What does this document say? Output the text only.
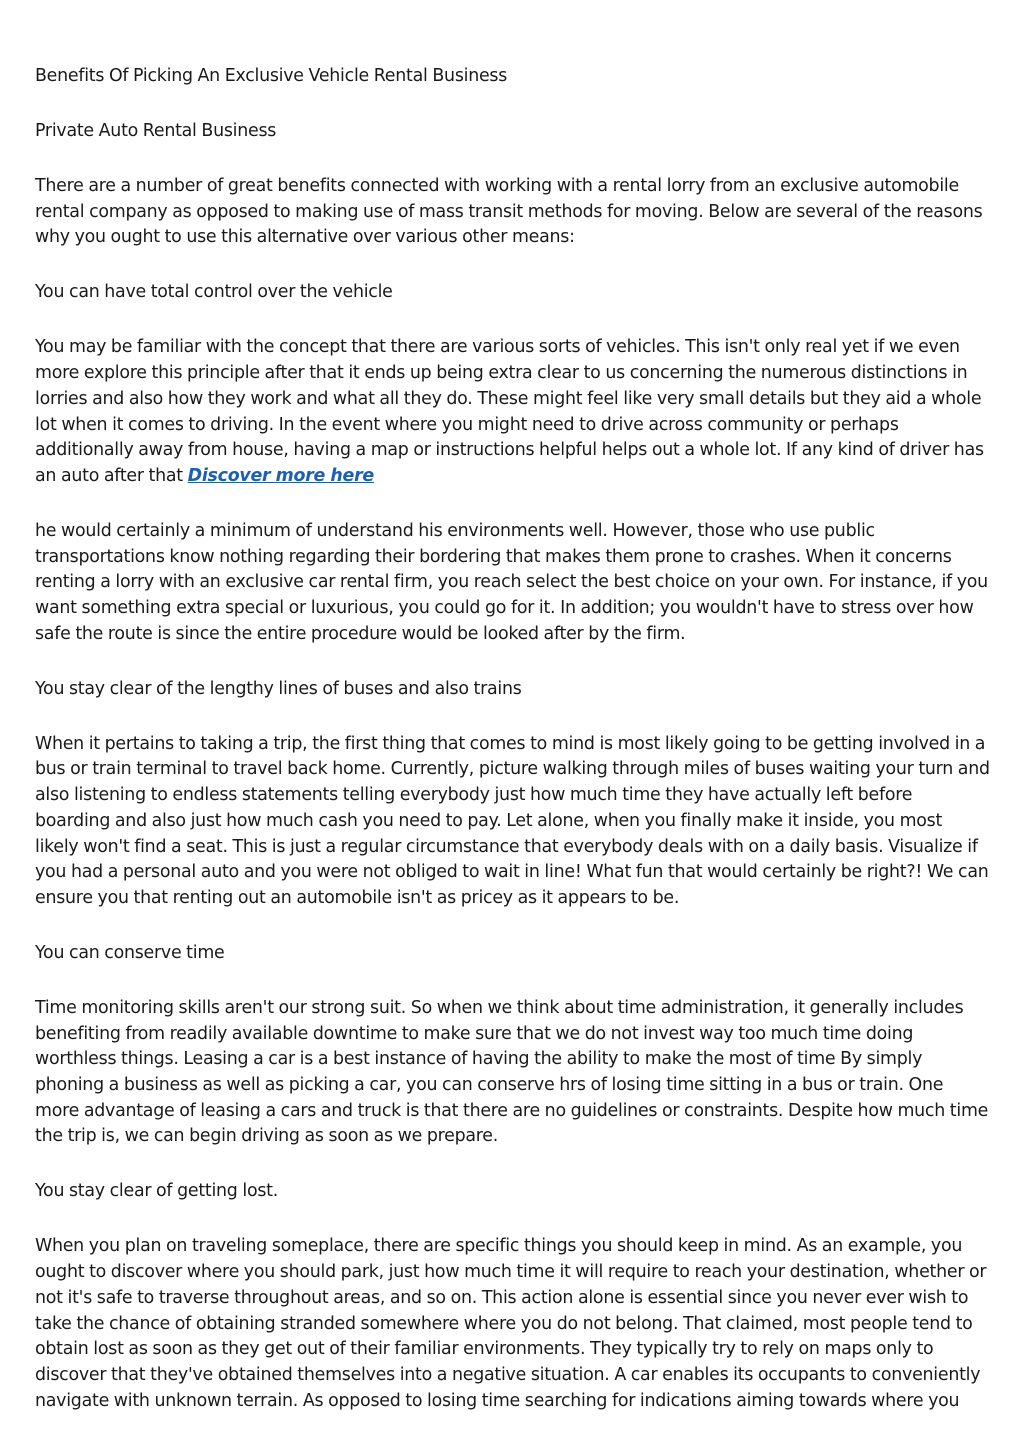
Benefits Of Picking An Exclusive Vehicle Rental Business

Private Auto Rental Business

There are a number of great benefits connected with working with a rental lorry from an exclusive automobile rental company as opposed to making use of mass transit methods for moving. Below are several of the reasons why you ought to use this alternative over various other means:

You can have total control over the vehicle

You may be familiar with the concept that there are various sorts of vehicles. This isn't only real yet if we even more explore this principle after that it ends up being extra clear to us concerning the numerous distinctions in lorries and also how they work and what all they do. These might feel like very small details but they aid a whole lot when it comes to driving. In the event where you might need to drive across community or perhaps additionally away from house, having a map or instructions helpful helps out a whole lot. If any kind of driver has an auto after that Discover more here

he would certainly a minimum of understand his environments well. However, those who use public transportations know nothing regarding their bordering that makes them prone to crashes. When it concerns renting a lorry with an exclusive car rental firm, you reach select the best choice on your own. For instance, if you want something extra special or luxurious, you could go for it. In addition; you wouldn't have to stress over how safe the route is since the entire procedure would be looked after by the firm.

You stay clear of the lengthy lines of buses and also trains

When it pertains to taking a trip, the first thing that comes to mind is most likely going to be getting involved in a bus or train terminal to travel back home. Currently, picture walking through miles of buses waiting your turn and also listening to endless statements telling everybody just how much time they have actually left before boarding and also just how much cash you need to pay. Let alone, when you finally make it inside, you most likely won't find a seat. This is just a regular circumstance that everybody deals with on a daily basis. Visualize if you had a personal auto and you were not obliged to wait in line! What fun that would certainly be right?! We can ensure you that renting out an automobile isn't as pricey as it appears to be.

You can conserve time

Time monitoring skills aren't our strong suit. So when we think about time administration, it generally includes benefiting from readily available downtime to make sure that we do not invest way too much time doing worthless things. Leasing a car is a best instance of having the ability to make the most of time By simply phoning a business as well as picking a car, you can conserve hrs of losing time sitting in a bus or train. One more advantage of leasing a cars and truck is that there are no guidelines or constraints. Despite how much time the trip is, we can begin driving as soon as we prepare.

You stay clear of getting lost.

When you plan on traveling someplace, there are specific things you should keep in mind. As an example, you ought to discover where you should park, just how much time it will require to reach your destination, whether or not it's safe to traverse throughout areas, and so on. This action alone is essential since you never ever wish to take the chance of obtaining stranded somewhere where you do not belong. That claimed, most people tend to obtain lost as soon as they get out of their familiar environments. They typically try to rely on maps only to discover that they've obtained themselves into a negative situation. A car enables its occupants to conveniently navigate with unknown terrain. As opposed to losing time searching for indications aiming towards where you
